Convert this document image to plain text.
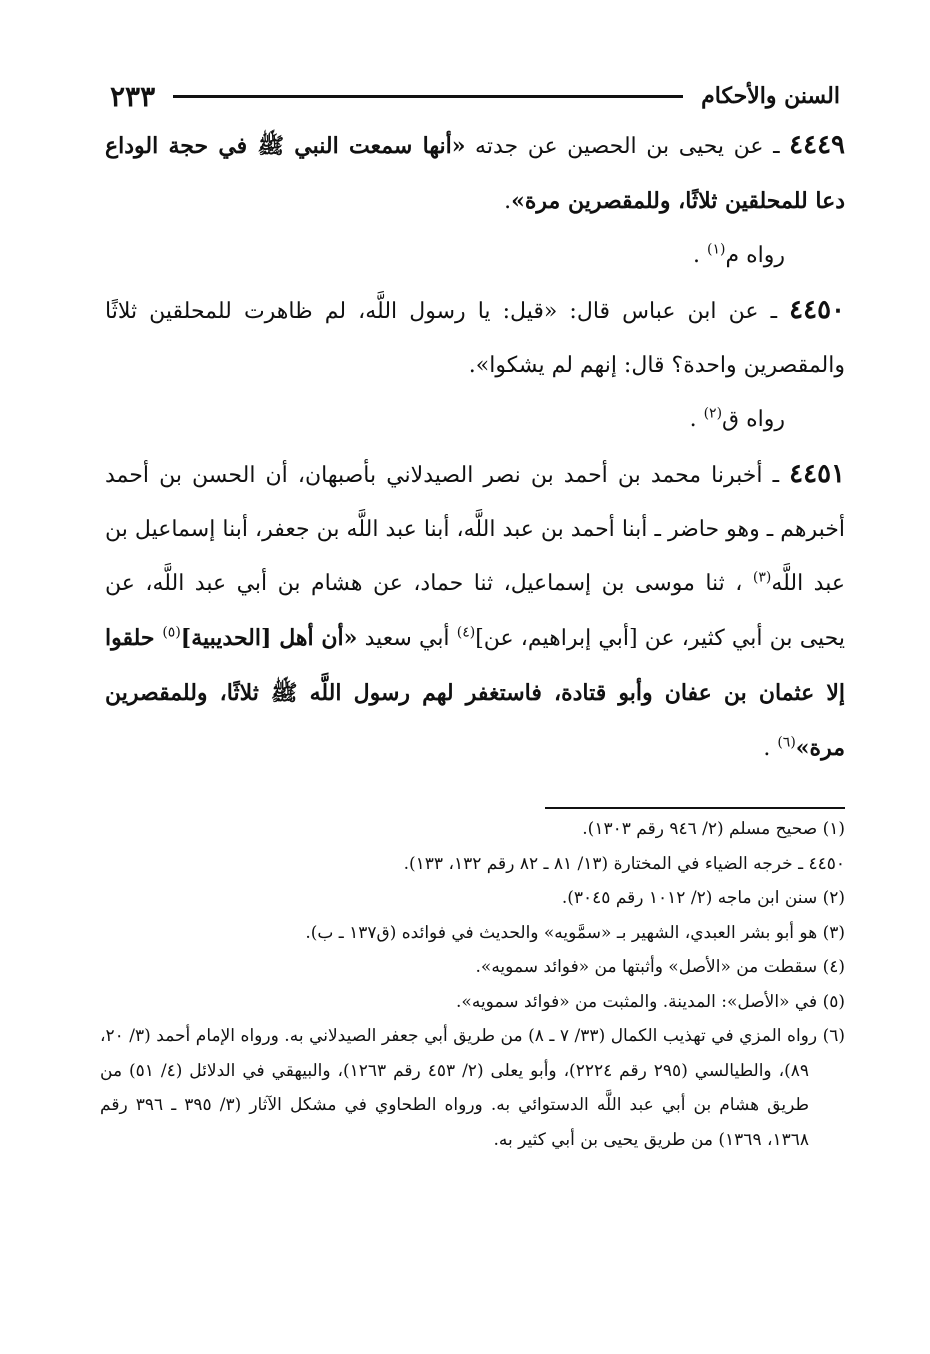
٢٣٣	السنن والأحكام

٤٤٤٩ ـ عن يحيى بن الحصين عن جدته «أنها سمعت النبي ﷺ في حجة الوداع دعا للمحلقين ثلاثًا، وللمقصرين مرة».

رواه م$^{(١)}$ .

٤٤٥٠ ـ عن ابن عباس قال: «قيل: يا رسول اللَّه، لم ظاهرت للمحلقين ثلاثًا والمقصرين واحدة؟ قال: إنهم لم يشكوا».

رواه ق$^{(٢)}$ .

٤٤٥١ ـ أخبرنا محمد بن أحمد بن نصر الصيدلاني بأصبهان، أن الحسن بن أحمد أخبرهم ـ وهو حاضر ـ أبنا أحمد بن عبد اللَّه، أبنا عبد اللَّه بن جعفر، أبنا إسماعيل بن عبد اللَّه$^{(٣)}$ ، ثنا موسى بن إسماعيل، ثنا حماد، عن هشام بن أبي عبد اللَّه، عن يحيى بن أبي كثير، عن [أبي إبراهيم، عن]$^{(٤)}$ أبي سعيد «أن أهل [الحديبية]$^{(٥)}$ حلقوا إلا عثمان بن عفان وأبو قتادة، فاستغفر لهم رسول اللَّه ﷺ ثلاثًا، وللمقصرين مرة»$^{(٦)}$ .

(١) صحيح مسلم (٢/ ٩٤٦ رقم ١٣٠٣).

٤٤٥٠ ـ خرجه الضياء في المختارة (١٣/ ٨١ ـ ٨٢ رقم ١٣٢، ١٣٣).

(٢) سنن ابن ماجه (٢/ ١٠١٢ رقم ٣٠٤٥).

(٣) هو أبو بشر العبدي، الشهير بـ «سمَّويه» والحديث في فوائده (ق١٣٧ ـ ب).

(٤) سقطت من «الأصل» وأثبتها من «فوائد سمويه».

(٥) في «الأصل»: المدينة. والمثبت من «فوائد سمويه».

(٦) رواه المزي في تهذيب الكمال (٣٣/ ٧ ـ ٨) من طريق أبي جعفر الصيدلاني به. ورواه الإمام أحمد (٣/ ٢٠، ٨٩)، والطيالسي (٢٩٥ رقم ٢٢٢٤)، وأبو يعلى (٢/ ٤٥٣ رقم ١٢٦٣)، والبيهقي في الدلائل (٤/ ٥١) من طريق هشام بن أبي عبد اللَّه الدستوائي به. ورواه الطحاوي في مشكل الآثار (٣/ ٣٩٥ ـ ٣٩٦ رقم ١٣٦٨، ١٣٦٩) من طريق يحيى بن أبي كثير به.
